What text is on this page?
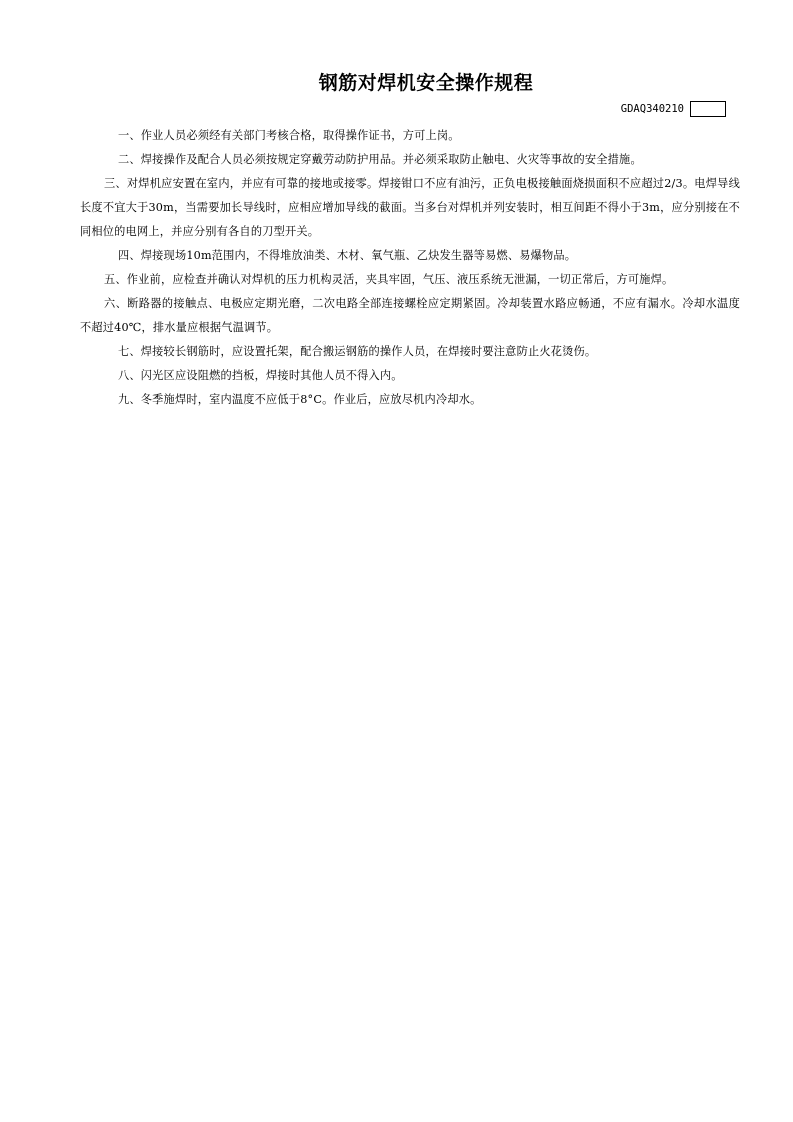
钢筋对焊机安全操作规程
GDAQ340210

一、作业人员必须经有关部门考核合格，取得操作证书，方可上岗。

二、焊接操作及配合人员必须按规定穿戴劳动防护用品。并必须采取防止触电、火灾等事故的安全措施。

三、对焊机应安置在室内，并应有可靠的接地或接零。焊接钳口不应有油污，正负电极接触面烧损面积不应超过2/3。电焊导线长度不宜大于30m，当需要加长导线时，应相应增加导线的截面。当多台对焊机并列安装时，相互间距不得小于3m，应分别接在不同相位的电网上，并应分别有各自的刀型开关。

四、焊接现场10m范围内，不得堆放油类、木材、氧气瓶、乙炔发生器等易燃、易爆物品。

五、作业前，应检查并确认对焊机的压力机构灵活，夹具牢固，气压、液压系统无泄漏，一切正常后，方可施焊。

六、断路器的接触点、电极应定期光磨，二次电路全部连接螺栓应定期紧固。冷却装置水路应畅通，不应有漏水。冷却水温度不超过40℃，排水量应根据气温调节。

七、焊接较长钢筋时，应设置托架，配合搬运钢筋的操作人员，在焊接时要注意防止火花烫伤。

八、闪光区应设阻燃的挡板，焊接时其他人员不得入内。

九、冬季施焊时，室内温度不应低于8°C。作业后，应放尽机内冷却水。
